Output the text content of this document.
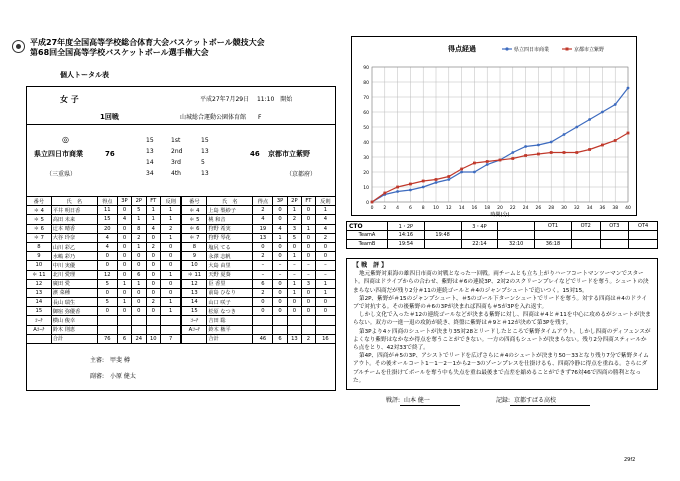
平成27年度全国高等学校総合体育大会バスケットボール競技大会
第68回全国高等学校バスケットボール選手権大会
個人トータル表
女 子	平成27年7月29日　 11:10　開始
1回戦	山城総合運動公園体育館　　F
◎
県立四日市商業
（三重県）
76	46 京都市立紫野
（京都府）
15	1st	15
13	2nd	13
14	3rd	5
34	4th	13
番号	氏　名	得点	3P	2P	FT	反則	番号	氏　名	得点	3P	2P	FT	反則
＊ 4	平井 明日香	11	0	5	1	1	＊ 4	上島 梨紗子	2	0	1	0	1
＊ 5	高田 未来	15	4	1	1	1	＊ 5	桃 和音	4	0	2	0	4
＊ 6	辻本 晴香	20	0	8	4	2	＊ 6	狩野 希実	19	4	3	1	4
＊ 7	大谷 玲奈	4	0	2	0	1	＊ 7	狩野 琴花	13	1	5	0	2
8	山川 彩乙	4	0	1	2	0	8	塩尻 てる	0	0	0	0	0
9	水嶋 彩乃	0	0	0	0	0	9	永澤 志帆	2	0	1	0	0
10	中川 実優	0	0	0	0	0	10	大島 由里	–	–	–	–	–
＊ 11	北川 愛理	12	0	6	0	1	＊ 11	天野 夏葵	–	–	–	–	–
12	廣田 愛	5	1	1	0	0	12	臣 香里	6	0	1	3	1
13	濱 菜種	0	0	0	0	0	13	前島 ひなり	2	0	1	0	1
14	長山 瑞生	5	1	0	2	1	14	山口 咲子	0	0	0	0	0
15	御宿 弥優香	0	0	0	0	1	15	松原 なつき	0	0	0	0	0
ｺｰﾁ	横山 俊幸						ｺｰﾁ	吉田 聡					
Aｺｰﾁ	鈴木 則恵						Aｺｰﾁ	鈴木 権平					
	合計	76	6	24	10	7		合計	46	6	13	2	16
主審: 甲斐 樽
副審: 小原 健太
得点経過	県立四日市商業	京都市立紫野
0
10
20
30
40
50
60
70
80
90
0 2 4 6 8 10 12 14 16 18 20 22 24 26 28 30 32 34 36 38 40
時間(分)
CTO	1・2P		3・4P		OT1	OT2	OT3	OT4
TeamA	14:16	19:48						
TeamB	19:54		22:14	32:10	36:18			

【 戦　評 】

地元紫野対東海の雄四日市商の対戦となった一回戦。両チームとも立ち上がりハーフコートマンツーマンでスタート。四商はドライブからの合わせ、紫野は＃6の連続3P、2対2のスクリーンプレイなどでリードを奪う。シュートの決まらない四商だが残り2分＃11の連続ゴールと＃4のジャンプシュートで追いつく。15対15。

第2P、紫野が＃15のジャンプシュート、＃5のゴール下ターンシュートでリードを奪う。対する四商は＃4のドライブで対抗する。その後紫野の＃6の3Pが決まれば四商も＃5が3Pを入れ返す。

しかし文化で入った＃12の連続ゴールなどが決まる紫野に対し、四商は＃4と＃11を中心に攻めるがシュートが決まらない。双方の一進一退の攻防が続き、終盤に紫野は＃9と＃12が決めて第3Pを残す。

第3Pより4ヶ四商のシュートが決まり35対28とリードしたところで紫野タイムアウト。しかし四商のディフェンスがよくなり紫野はなかなか得点を奪うことができない。一方の四商もシュートが決まらない。残り2分四商スティールから点をとり、42対33で終了。

第4P、四商が＃5の3P、アシストでリードを広げさらに＃4のシュートが決まり50－33となり残り7分で紫野タイムアウト。その後オールコート1－1－2－1から2－3のゾーンプレスを仕掛けるも、四商冷静に得点を重ねる。さらにダブルチームを仕掛けてボールを奪う中も失点を重ね最後まで点差を縮めることができず76対46で四商の勝利となった。

戦評: 山本 健一	記録: 京都すばる高校
29f2
